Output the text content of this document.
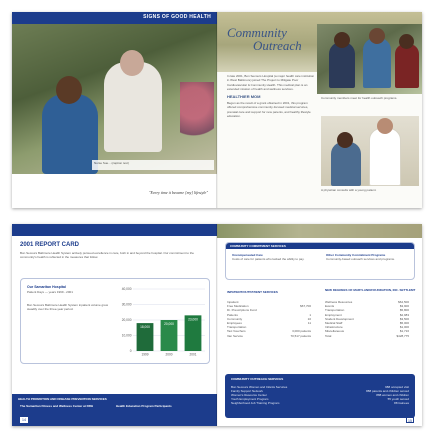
SIGNS OF GOOD HEALTH
Nurse Sue... (caption text)
"Every time it became [my] lifestyle"
Community
Outreach
Community members meet for health outreach programs.

In late 2001, Bon Secours Hospital (a major health care institution in West Baltimore) joined The Project to Mitigate Poor Cardiovascular & Community Health. This medical plan is an extended mission of health and wellness services.

HEALTHIER MOM

Begun as the result of a grant obtained in 2001, this program offered comprehensive community-focused medical services, prenatal care and support for new parents, and healthy lifestyle education.

A physician consults with a young patient.
2001 REPORT CARD
Bon Secours Baltimore Health System actively pursued excellence in care, both in and beyond the hospital. Our commitment to the community's health is reflected in the measures that follow.
Our Samaritan Hospital
Patient Days — years 1999 - 2001
Bon Secours Baltimore Health System inpatient volume grew steadily over the three-year period.
0
10,000
20,000
30,000
40,000
18,000
1999
20,000
2000
23,000
2001
HEALTH PROMOTION AND DISEASE PREVENTION SERVICES
The Samaritan Fitness and Wellness Center at DRH	Health Education Program Participants
14
COMMUNITY COMMITMENT SERVICES
Uncompensated Care
Costs of care for patients who lacked the ability to pay.
Other Community Commitment Programs
Community-based outreach services and programs.
INPATIENT/OUTPATIENT SERVICES	NEW DEGREES OF MARYLAND/FOUNDATION, INC. SETTLEMT
Inpatient
Free Medication	$67,700
Dr. Prescriptions Fund
Patients	1
Community	10
Employees	11
Transportation
Taxi Vouchers	3,000 patients
Van Service	70,517 patients
Wellness Resources	$62,500
Events	$3,900
Transportation	$5,800
Employment	$2,983
Student Development	$3,500
Medical Staff	$5,000
Infrastructure	$1,000
Miscellaneous	$1,716
Total	$428,775
COMMUNITY OUTREACH SERVICES
Bon Secours Women and Infants Services	988 occupied visit
Family Support Network	888 parents and children served
Women's Resource Center	888 women and children
Youth Employment Program	55 youth served
Neighborhood Job Training Program	88 trainees
15
